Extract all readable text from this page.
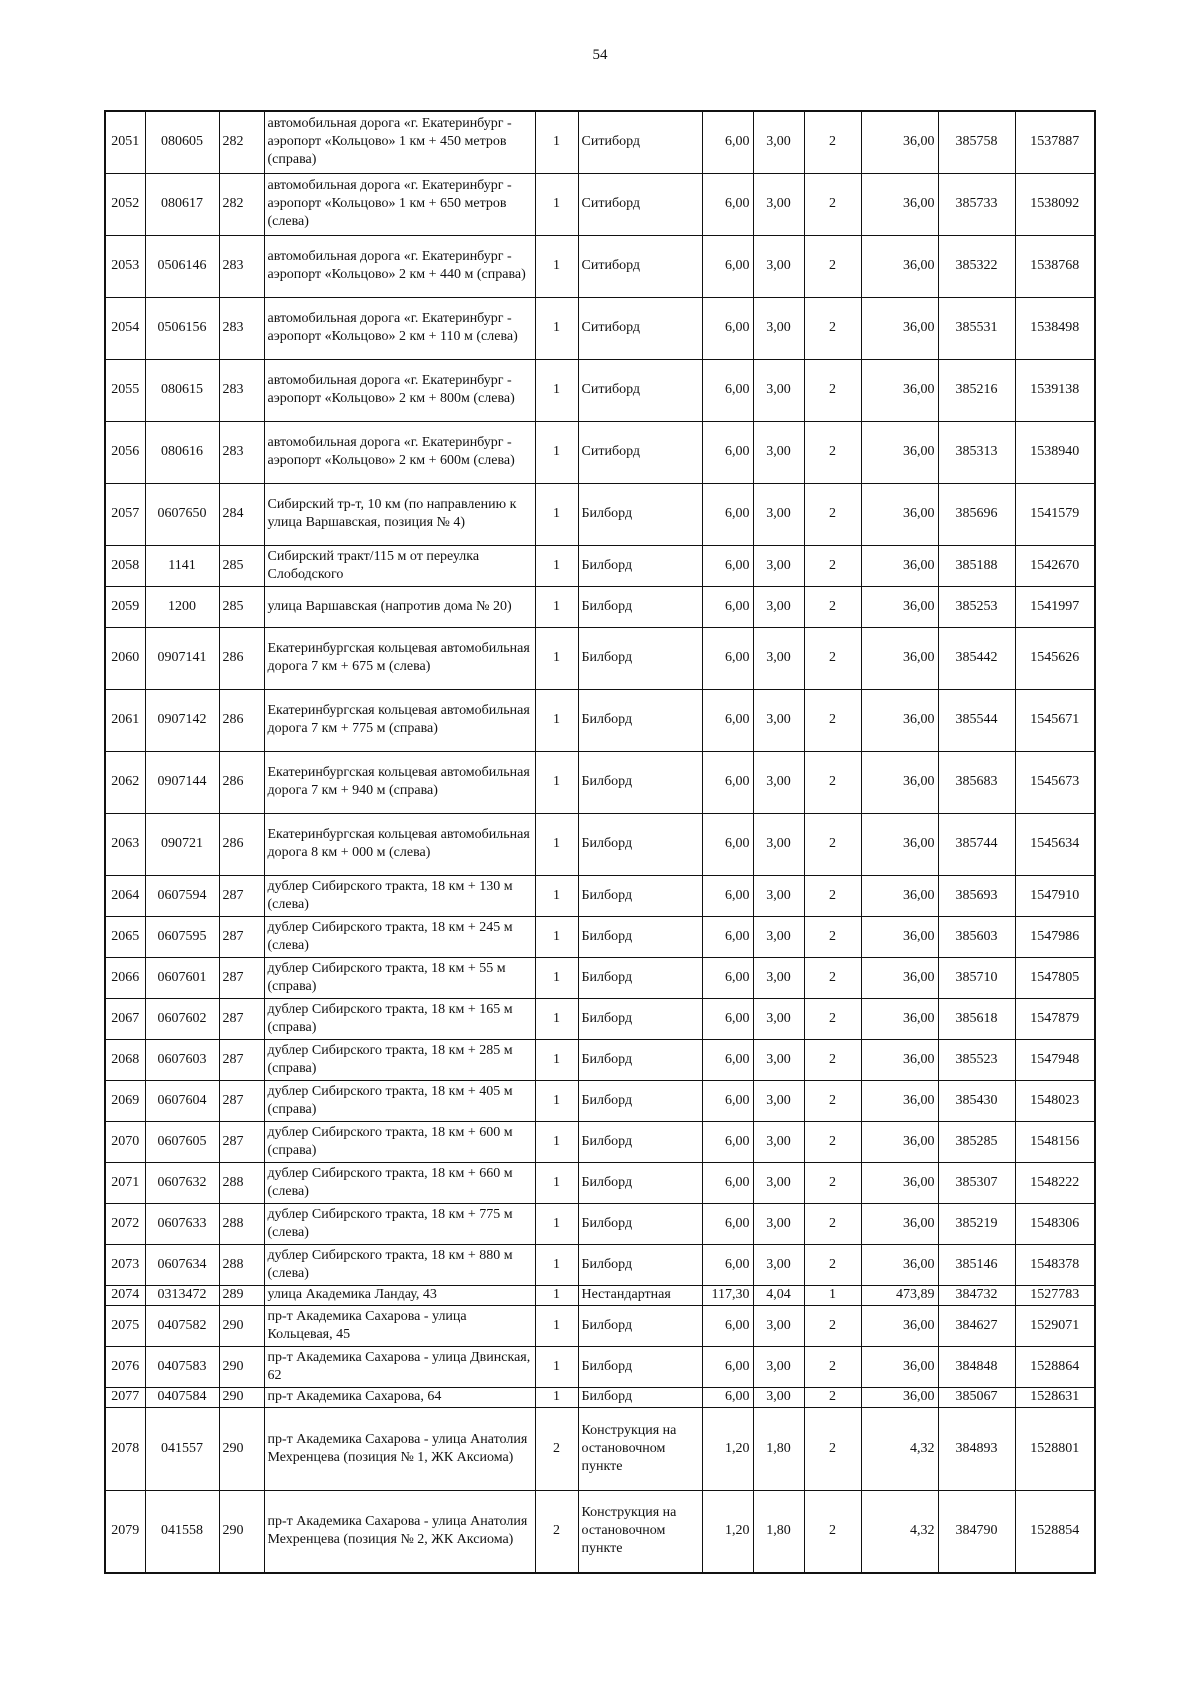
54
2051	080605	282	автомобильная дорога «г. Екатеринбург - аэропорт «Кольцово» 1 км + 450 метров (справа)	1	Ситиборд	6,00	3,00	2	36,00	385758	1537887
2052	080617	282	автомобильная дорога «г. Екатеринбург - аэропорт «Кольцово» 1 км + 650 метров (слева)	1	Ситиборд	6,00	3,00	2	36,00	385733	1538092
2053	0506146	283	автомобильная дорога «г. Екатеринбург - аэропорт «Кольцово» 2 км + 440 м (справа)	1	Ситиборд	6,00	3,00	2	36,00	385322	1538768
2054	0506156	283	автомобильная дорога «г. Екатеринбург - аэропорт «Кольцово» 2 км + 110 м (слева)	1	Ситиборд	6,00	3,00	2	36,00	385531	1538498
2055	080615	283	автомобильная дорога «г. Екатеринбург - аэропорт «Кольцово» 2 км + 800м (слева)	1	Ситиборд	6,00	3,00	2	36,00	385216	1539138
2056	080616	283	автомобильная дорога «г. Екатеринбург - аэропорт «Кольцово» 2 км + 600м (слева)	1	Ситиборд	6,00	3,00	2	36,00	385313	1538940
2057	0607650	284	Сибирский тр-т, 10 км (по направлению к улица Варшавская, позиция № 4)	1	Билборд	6,00	3,00	2	36,00	385696	1541579
2058	1141	285	Сибирский тракт/115 м от переулка Слободского	1	Билборд	6,00	3,00	2	36,00	385188	1542670
2059	1200	285	улица Варшавская (напротив дома № 20)	1	Билборд	6,00	3,00	2	36,00	385253	1541997
2060	0907141	286	Екатеринбургская кольцевая автомобильная дорога 7 км + 675 м (слева)	1	Билборд	6,00	3,00	2	36,00	385442	1545626
2061	0907142	286	Екатеринбургская кольцевая автомобильная дорога 7 км + 775 м (справа)	1	Билборд	6,00	3,00	2	36,00	385544	1545671
2062	0907144	286	Екатеринбургская кольцевая автомобильная дорога 7 км + 940 м (справа)	1	Билборд	6,00	3,00	2	36,00	385683	1545673
2063	090721	286	Екатеринбургская кольцевая автомобильная дорога 8 км + 000 м (слева)	1	Билборд	6,00	3,00	2	36,00	385744	1545634
2064	0607594	287	дублер Сибирского тракта, 18 км + 130 м (слева)	1	Билборд	6,00	3,00	2	36,00	385693	1547910
2065	0607595	287	дублер Сибирского тракта, 18 км + 245 м (слева)	1	Билборд	6,00	3,00	2	36,00	385603	1547986
2066	0607601	287	дублер Сибирского тракта, 18 км + 55 м (справа)	1	Билборд	6,00	3,00	2	36,00	385710	1547805
2067	0607602	287	дублер Сибирского тракта, 18 км + 165 м (справа)	1	Билборд	6,00	3,00	2	36,00	385618	1547879
2068	0607603	287	дублер Сибирского тракта, 18 км + 285 м (справа)	1	Билборд	6,00	3,00	2	36,00	385523	1547948
2069	0607604	287	дублер Сибирского тракта, 18 км + 405 м (справа)	1	Билборд	6,00	3,00	2	36,00	385430	1548023
2070	0607605	287	дублер Сибирского тракта, 18 км + 600 м (справа)	1	Билборд	6,00	3,00	2	36,00	385285	1548156
2071	0607632	288	дублер Сибирского тракта, 18 км + 660 м (слева)	1	Билборд	6,00	3,00	2	36,00	385307	1548222
2072	0607633	288	дублер Сибирского тракта, 18 км + 775 м (слева)	1	Билборд	6,00	3,00	2	36,00	385219	1548306
2073	0607634	288	дублер Сибирского тракта, 18 км + 880 м (слева)	1	Билборд	6,00	3,00	2	36,00	385146	1548378
2074	0313472	289	улица Академика Ландау, 43	1	Нестандартная	117,30	4,04	1	473,89	384732	1527783
2075	0407582	290	пр-т Академика Сахарова - улица Кольцевая, 45	1	Билборд	6,00	3,00	2	36,00	384627	1529071
2076	0407583	290	пр-т Академика Сахарова - улица Двинская, 62	1	Билборд	6,00	3,00	2	36,00	384848	1528864
2077	0407584	290	пр-т Академика Сахарова, 64	1	Билборд	6,00	3,00	2	36,00	385067	1528631
2078	041557	290	пр-т Академика Сахарова - улица Анатолия Мехренцева (позиция № 1, ЖК Аксиома)	2	Конструкция на остановочном пункте	1,20	1,80	2	4,32	384893	1528801
2079	041558	290	пр-т Академика Сахарова - улица Анатолия Мехренцева (позиция № 2, ЖК Аксиома)	2	Конструкция на остановочном пункте	1,20	1,80	2	4,32	384790	1528854
